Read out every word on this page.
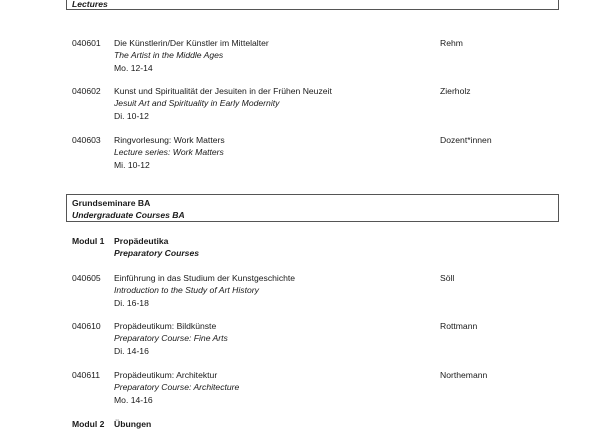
Lectures
040601 Die Künstlerin/Der Künstler im Mittelalter
The Artist in the Middle Ages
Mo. 12-14
Rehm
040602 Kunst und Spiritualität der Jesuiten in der Frühen Neuzeit
Jesuit Art and Spirituality in Early Modernity
Di. 10-12
Zierholz
040603 Ringvorlesung: Work Matters
Lecture series: Work Matters
Mi. 10-12
Dozent*innen
Grundseminare BA
Undergraduate Courses BA
Modul 1 Propädeutika
Preparatory Courses
040605 Einführung in das Studium der Kunstgeschichte
Introduction to the Study of Art History
Di. 16-18
Söll
040610 Propädeutikum: Bildkünste
Preparatory Course: Fine Arts
Di. 14-16
Rottmann
040611 Propädeutikum: Architektur
Preparatory Course: Architecture
Mo. 14-16
Northemann
Modul 2 Übungen
